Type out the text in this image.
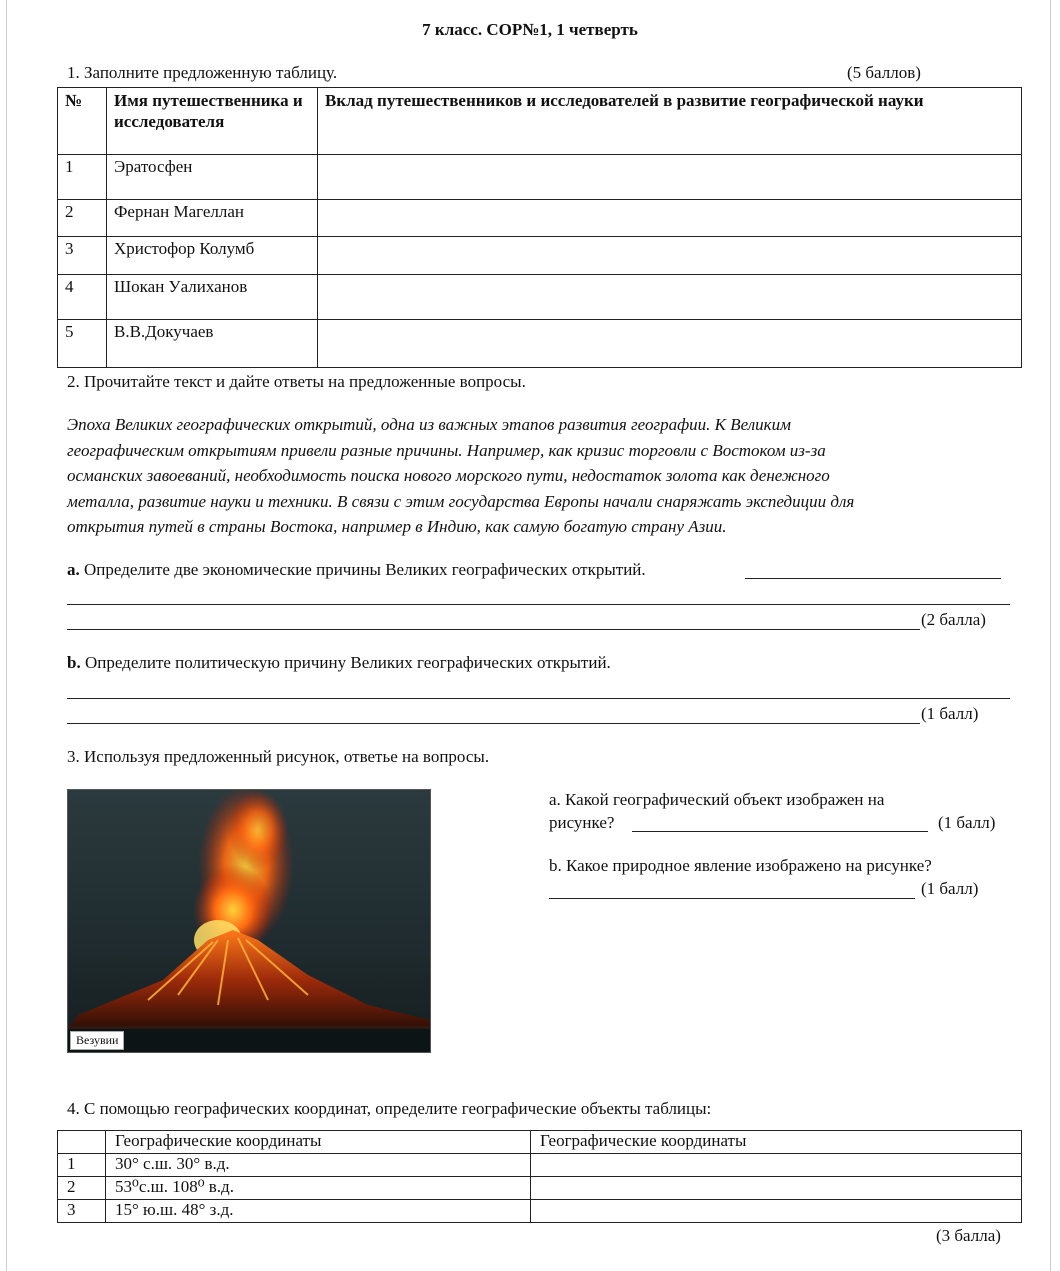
7 класс. СОР№1, 1 четверть
1. Заполните предложенную таблицу.	(5 баллов)
№	Имя путешественника и исследователя	Вклад путешественников и исследователей в развитие географической науки
1	Эратосфен	
2	Фернан Магеллан	
3	Христофор Колумб	
4	Шокан Уалиханов	
5	В.В.Докучаев	
2. Прочитайте текст и дайте ответы на предложенные вопросы.
Эпоха Великих географических открытий, одна из важных этапов развития географии. К Великим
географическим открытиям привели разные причины. Например, как кризис торговли с Востоком из-за
османских завоеваний, необходимость поиска нового морского пути, недостаток золота как денежного
металла, развитие науки и техники. В связи с этим государства Европы начали снаряжать экспедиции для
открытия путей в страны Востока, например в Индию, как самую богатую страну Азии.
a. Определите две экономические причины Великих географических открытий.
(2 балла)
b. Определите политическую причину Великих географических открытий.
(1 балл)
3. Используя предложенный рисунок, ответье на вопросы.
Везувии
a. Какой географический объект изображен на
рисунке?	(1 балл)
b. Какое природное явление изображено на рисунке?
(1 балл)
4. С помощью географических координат, определите географические объекты таблицы:
	Географические координаты	Географические координаты
1	30° с.ш. 30° в.д.	
2	53⁰с.ш. 108⁰ в.д.	
3	15° ю.ш. 48° з.д.	
(3 балла)
